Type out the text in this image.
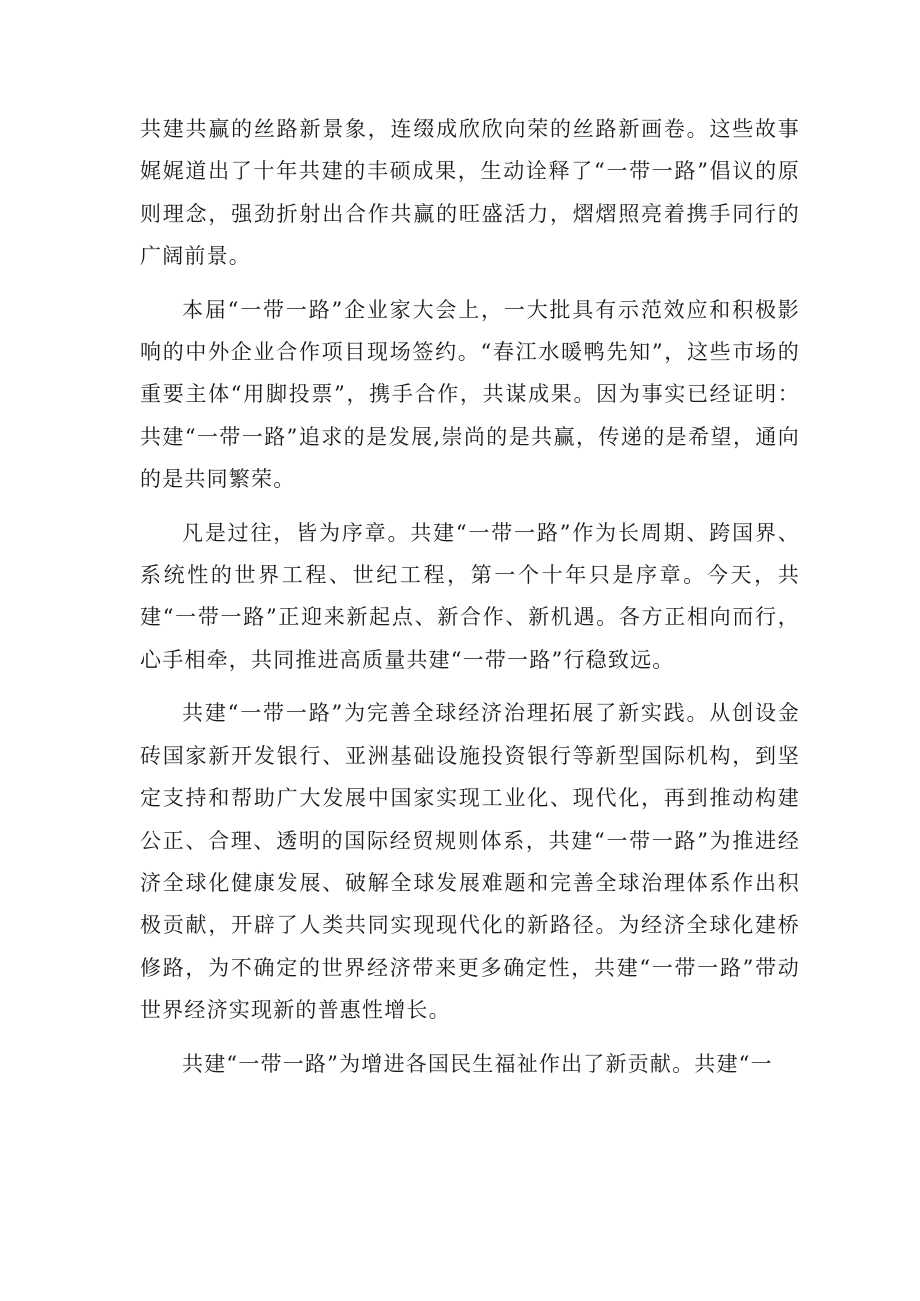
共建共赢的丝路新景象，连缀成欣欣向荣的丝路新画卷。这些故事娓娓道出了十年共建的丰硕成果，生动诠释了“一带一路”倡议的原则理念，强劲折射出合作共赢的旺盛活力，熠熠照亮着携手同行的广阔前景。

本届“一带一路”企业家大会上，一大批具有示范效应和积极影响的中外企业合作项目现场签约。“春江水暖鸭先知”，这些市场的重要主体“用脚投票”，携手合作，共谋成果。因为事实已经证明：共建“一带一路”追求的是发展,崇尚的是共赢，传递的是希望，通向的是共同繁荣。

凡是过往，皆为序章。共建“一带一路”作为长周期、跨国界、系统性的世界工程、世纪工程，第一个十年只是序章。今天，共建“一带一路”正迎来新起点、新合作、新机遇。各方正相向而行，心手相牵，共同推进高质量共建“一带一路”行稳致远。

共建“一带一路”为完善全球经济治理拓展了新实践。从创设金砖国家新开发银行、亚洲基础设施投资银行等新型国际机构，到坚定支持和帮助广大发展中国家实现工业化、现代化，再到推动构建公正、合理、透明的国际经贸规则体系，共建“一带一路”为推进经济全球化健康发展、破解全球发展难题和完善全球治理体系作出积极贡献，开辟了人类共同实现现代化的新路径。为经济全球化建桥修路，为不确定的世界经济带来更多确定性，共建“一带一路”带动世界经济实现新的普惠性增长。

共建“一带一路”为增进各国民生福祉作出了新贡献。共建“一
